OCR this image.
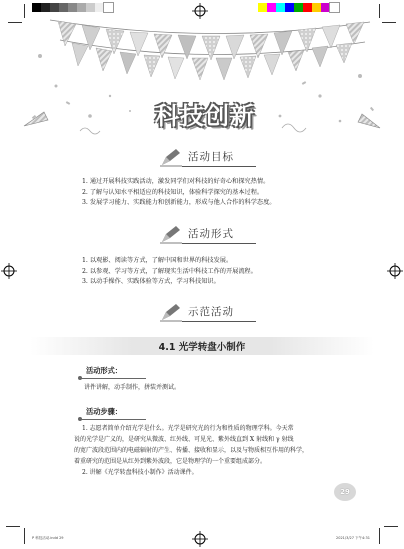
科技创新
活动目标
1. 通过开展科技实践活动，激发同学们对科技的好奇心和探究热情。
2. 了解与认知水平相适应的科技知识，体验科学探究的基本过程。
3. 发展学习能力、实践能力和创新能力，形成与他人合作的科学态度。
活动形式
1. 以观影、阅读等方式，了解中国和世界的科技发展。
2. 以参观、学习等方式，了解现实生活中科技工作的开展流程。
3. 以动手操作、实践体验等方式，学习科技知识。
示范活动
4.1 光学转盘小制作
活动形式：
讲件讲解，动手制作，拼装并测试。
活动步骤：
1. 志愿者简单介绍光学是什么。光学是研究光的行为和性质的物理学科。今天常
说的光学是广义的，是研究从微波、红外线、可见光、紫外线直到 X 射线和 γ 射线
的宽广波段范围内的电磁辐射的产生、传播、接收和显示，以及与物质相互作用的科学，
着重研究的范围是从红外到紫外波段，它是物理学的一个重要组成部分。
2. 讲解《光学转盘科技小制作》活动课件。
29
P 科技活动.indd 29	2021/3/27 下午4:31
